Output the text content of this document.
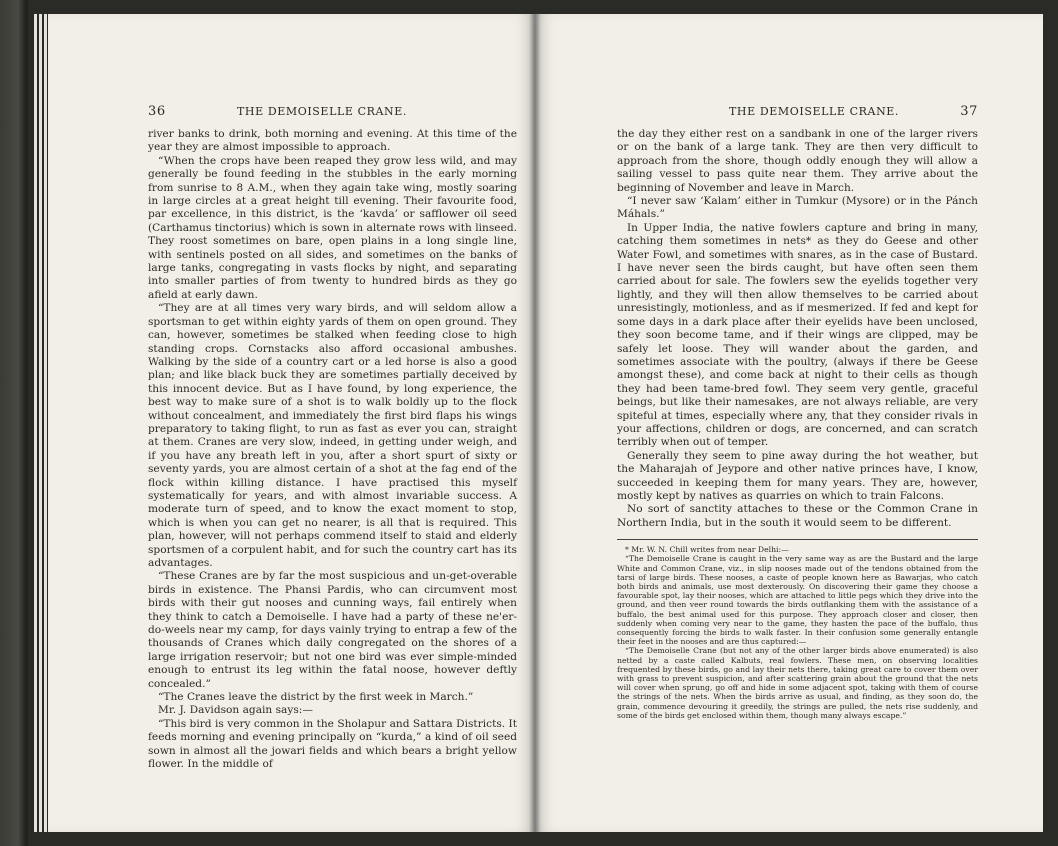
36	THE DEMOISELLE CRANE.

river banks to drink, both morning and evening. At this time of the year they are almost impossible to approach.

“When the crops have been reaped they grow less wild, and may generally be found feeding in the stubbles in the early morning from sunrise to 8 A.M., when they again take wing, mostly soaring in large circles at a great height till evening. Their favourite food, par excellence, in this district, is the ‘kavda’ or safflower oil seed (Carthamus tinctorius) which is sown in alternate rows with linseed. They roost sometimes on bare, open plains in a long single line, with sentinels posted on all sides, and sometimes on the banks of large tanks, congregating in vasts flocks by night, and separating into smaller parties of from twenty to hundred birds as they go afield at early dawn.

“They are at all times very wary birds, and will seldom allow a sportsman to get within eighty yards of them on open ground. They can, however, sometimes be stalked when feeding close to high standing crops. Cornstacks also afford occasional ambushes. Walking by the side of a country cart or a led horse is also a good plan; and like black buck they are sometimes partially deceived by this innocent device. But as I have found, by long experience, the best way to make sure of a shot is to walk boldly up to the flock without concealment, and immediately the first bird flaps his wings preparatory to taking flight, to run as fast as ever you can, straight at them. Cranes are very slow, indeed, in getting under weigh, and if you have any breath left in you, after a short spurt of sixty or seventy yards, you are almost certain of a shot at the fag end of the flock within killing distance. I have practised this myself systematically for years, and with almost invariable success. A moderate turn of speed, and to know the exact moment to stop, which is when you can get no nearer, is all that is required. This plan, however, will not perhaps commend itself to staid and elderly sportsmen of a corpulent habit, and for such the country cart has its advantages.

“These Cranes are by far the most suspicious and un-get-overable birds in existence. The Phansi Pardis, who can circumvent most birds with their gut nooses and cunning ways, fail entirely when they think to catch a Demoiselle. I have had a party of these ne'er-do-weels near my camp, for days vainly trying to entrap a few of the thousands of Cranes which daily congregated on the shores of a large irrigation reservoir; but not one bird was ever simple-minded enough to entrust its leg within the fatal noose, however deftly concealed.”

“The Cranes leave the district by the first week in March.”

Mr. J. Davidson again says:—

“This bird is very common in the Sholapur and Sattara Districts. It feeds morning and evening principally on “kurda,” a kind of oil seed sown in almost all the jowari fields and which bears a bright yellow flower. In the middle of

THE DEMOISELLE CRANE.	37

the day they either rest on a sandbank in one of the larger rivers or on the bank of a large tank. They are then very difficult to approach from the shore, though oddly enough they will allow a sailing vessel to pass quite near them. They arrive about the beginning of November and leave in March.

“I never saw ‘Kalam’ either in Tumkur (Mysore) or in the Pánch Máhals.”

In Upper India, the native fowlers capture and bring in many, catching them sometimes in nets* as they do Geese and other Water Fowl, and sometimes with snares, as in the case of Bustard. I have never seen the birds caught, but have often seen them carried about for sale. The fowlers sew the eyelids together very lightly, and they will then allow themselves to be carried about unresistingly, motionless, and as if mesmerized. If fed and kept for some days in a dark place after their eyelids have been unclosed, they soon become tame, and if their wings are clipped, may be safely let loose. They will wander about the garden, and sometimes associate with the poultry, (always if there be Geese amongst these), and come back at night to their cells as though they had been tame-bred fowl. They seem very gentle, graceful beings, but like their namesakes, are not always reliable, are very spiteful at times, especially where any, that they consider rivals in your affections, children or dogs, are concerned, and can scratch terribly when out of temper.

Generally they seem to pine away during the hot weather, but the Maharajah of Jeypore and other native princes have, I know, succeeded in keeping them for many years. They are, however, mostly kept by natives as quarries on which to train Falcons.

No sort of sanctity attaches to these or the Common Crane in Northern India, but in the south it would seem to be different.

* Mr. W. N. Chill writes from near Delhi:—

“The Demoiselle Crane is caught in the very same way as are the Bustard and the large White and Common Crane, viz., in slip nooses made out of the tendons obtained from the tarsi of large birds. These nooses, a caste of people known here as Bawarjas, who catch both birds and animals, use most dexterously. On discovering their game they choose a favourable spot, lay their nooses, which are attached to little pegs which they drive into the ground, and then veer round towards the birds outflanking them with the assistance of a buffalo, the best animal used for this purpose. They approach closer and closer, then suddenly when coming very near to the game, they hasten the pace of the buffalo, thus consequently forcing the birds to walk faster. In their confusion some generally entangle their feet in the nooses and are thus captured:—

“The Demoiselle Crane (but not any of the other larger birds above enumerated) is also netted by a caste called Kalbuts, real fowlers. These men, on observing localities frequented by these birds, go and lay their nets there, taking great care to cover them over with grass to prevent suspicion, and after scattering grain about the ground that the nets will cover when sprung, go off and hide in some adjacent spot, taking with them of course the strings of the nets. When the birds arrive as usual, and finding, as they soon do, the grain, commence devouring it greedily, the strings are pulled, the nets rise suddenly, and some of the birds get enclosed within them, though many always escape.”
